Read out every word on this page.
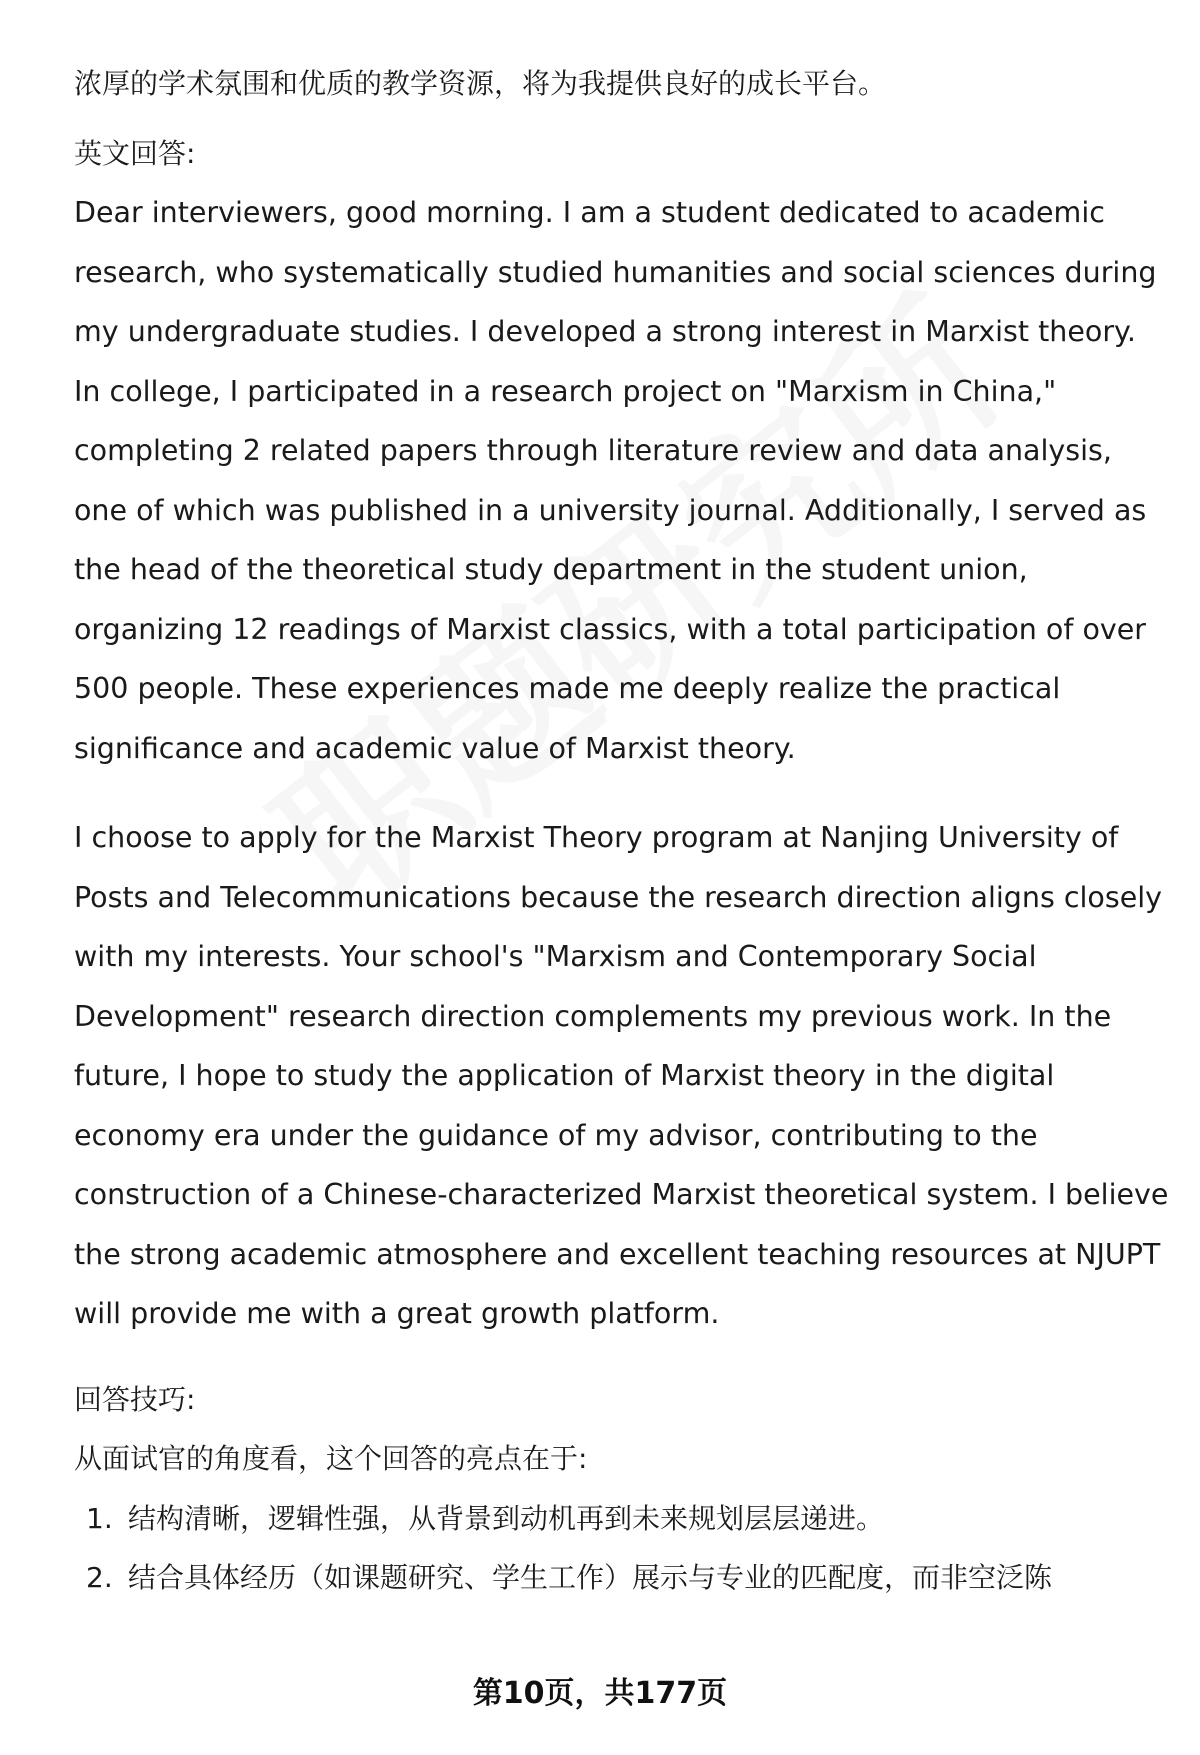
浓厚的学术氛围和优质的教学资源，将为我提供良好的成长平台。

英文回答:

Dear interviewers, good morning. I am a student dedicated to academic

research, who systematically studied humanities and social sciences during

my undergraduate studies. I developed a strong interest in Marxist theory.

In college, I participated in a research project on "Marxism in China,"

completing 2 related papers through literature review and data analysis,

one of which was published in a university journal. Additionally, I served as

the head of the theoretical study department in the student union,

organizing 12 readings of Marxist classics, with a total participation of over

500 people. These experiences made me deeply realize the practical

significance and academic value of Marxist theory.

I choose to apply for the Marxist Theory program at Nanjing University of

Posts and Telecommunications because the research direction aligns closely

with my interests. Your school's "Marxism and Contemporary Social

Development" research direction complements my previous work. In the

future, I hope to study the application of Marxist theory in the digital

economy era under the guidance of my advisor, contributing to the

construction of a Chinese-characterized Marxist theoretical system. I believe

the strong academic atmosphere and excellent teaching resources at NJUPT

will provide me with a great growth platform.

回答技巧:

从面试官的角度看，这个回答的亮点在于:

1. 结构清晰，逻辑性强，从背景到动机再到未来规划层层递进。
2. 结合具体经历（如课题研究、学生工作）展示与专业的匹配度，而非空泛陈
第10页，共177页
